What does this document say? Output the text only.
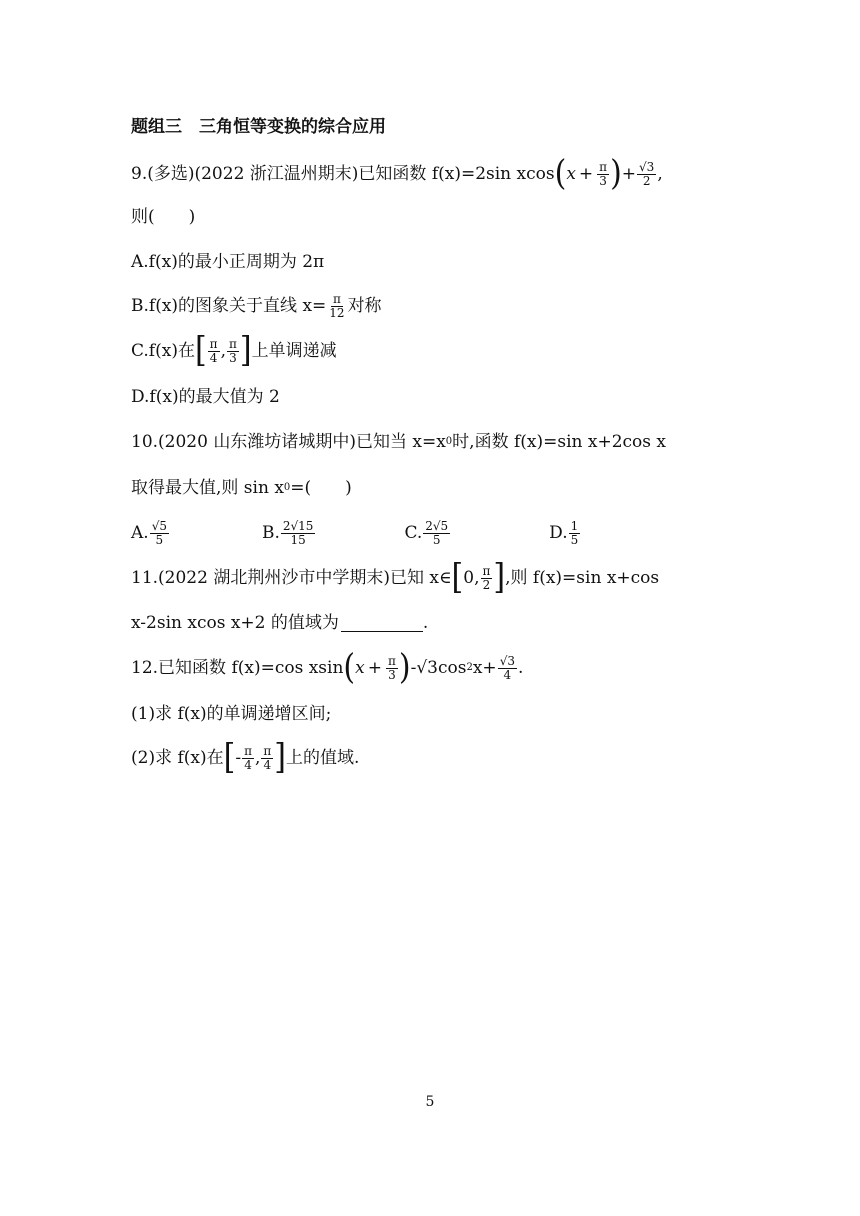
题组三　三角恒等变换的综合应用
9.(多选)(2022 浙江温州期末)已知函数 f(x)=2sin xcos ( $x + \frac{\pi}{3}$ ) + $\frac{√3}{2}$ ,
则(　　)
A.f(x)的最小正周期为 2π
B.f(x)的图象关于直线 $x= \frac{\pi}{12}$ 对称
C.f(x)在 [ $\frac{\pi}{4}$ , $\frac{\pi}{3}$ ] 上单调递减
D.f(x)的最大值为 2
10.(2020 山东潍坊诸城期中)已知当 x=x 0 时,函数 f(x)=sin x+2cos x
取得最大值,则 sin x 0 =(　　)
A. $\frac{√5}{5}$	B. $\frac{2√15}{15}$	C. $\frac{2√5}{5}$	D. $\frac{1}{5}$
11.(2022 湖北荆州沙市中学期末)已知 x∈ [ 0, $\frac{\pi}{2}$ ] ,则 f(x)=sin x+cos
x-2sin xcos x+2 的值域为	.
12.已知函数 f(x)=cos xsin ( $x + \frac{\pi}{3}$ ) -√3cos 2 $x+ \frac{√3}{4}$ .
(1)求 f(x)的单调递增区间;
(2)求 f(x)在 [ - $\frac{\pi}{4}$ , $\frac{\pi}{4}$ ] 上的值域.
5
